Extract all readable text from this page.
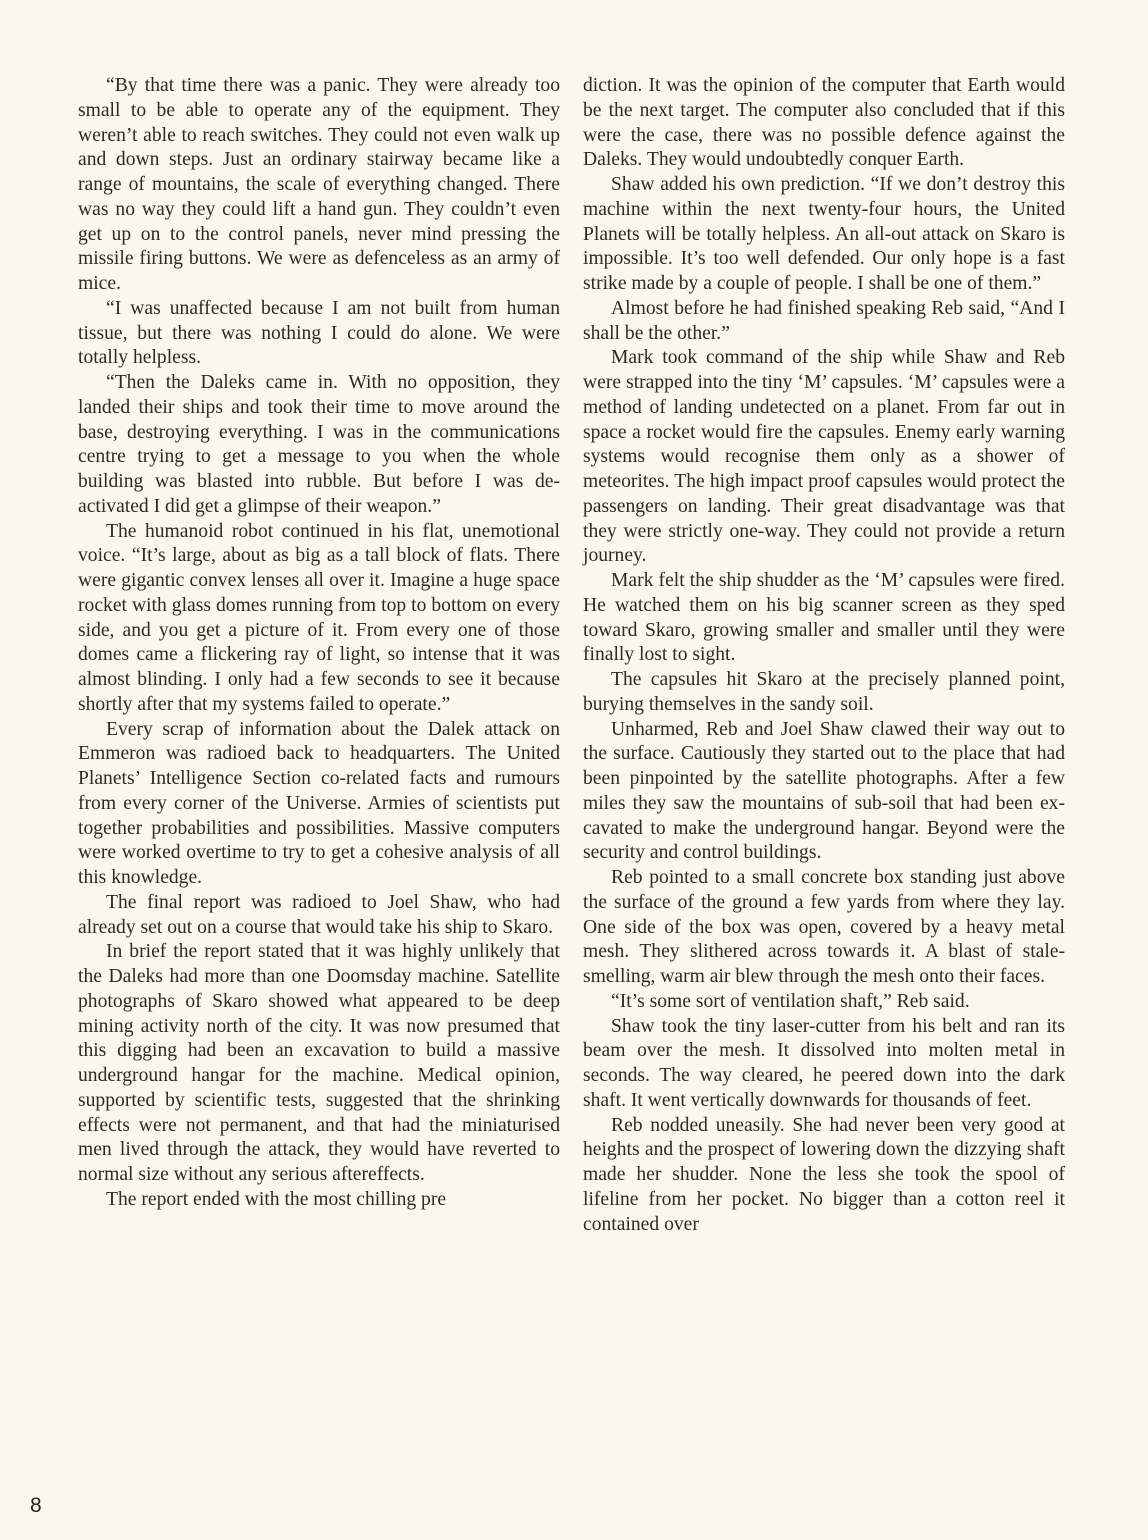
“By that time there was a panic. They were already too small to be able to operate any of the equipment. They weren’t able to reach switches. They could not even walk up and down steps. Just an ordinary stairway became like a range of mountains, the scale of everything changed. There was no way they could lift a hand gun. They couldn’t even get up on to the control panels, never mind pressing the missile firing buttons. We were as defenceless as an army of mice.

“I was unaffected because I am not built from human tissue, but there was nothing I could do alone. We were totally helpless.

“Then the Daleks came in. With no opposition, they landed their ships and took their time to move around the base, destroying everything. I was in the communications centre trying to get a message to you when the whole building was blasted into rubble. But before I was de-activated I did get a glimpse of their weapon.”

The humanoid robot continued in his flat, unemotional voice. “It’s large, about as big as a tall block of flats. There were gigantic convex lenses all over it. Imagine a huge space rocket with glass domes running from top to bottom on every side, and you get a picture of it. From every one of those domes came a flickering ray of light, so intense that it was almost blinding. I only had a few seconds to see it because shortly after that my systems failed to operate.”

Every scrap of information about the Dalek attack on Emmeron was radioed back to headquarters. The United Planets’ Intelligence Section co-related facts and rumours from every corner of the Universe. Armies of scientists put together probabilities and possibilities. Massive computers were worked overtime to try to get a cohesive analysis of all this knowledge.

The final report was radioed to Joel Shaw, who had already set out on a course that would take his ship to Skaro.

In brief the report stated that it was highly unlikely that the Daleks had more than one Doomsday machine. Satellite photographs of Skaro showed what appeared to be deep mining activity north of the city. It was now presumed that this digging had been an excavation to build a massive underground hangar for the machine. Medical opinion, supported by scientific tests, suggested that the shrinking effects were not permanent, and that had the miniaturised men lived through the attack, they would have reverted to normal size without any serious aftereffects.

The report ended with the most chilling pre

diction. It was the opinion of the computer that Earth would be the next target. The computer also concluded that if this were the case, there was no possible defence against the Daleks. They would undoubtedly conquer Earth.

Shaw added his own prediction. “If we don’t destroy this machine within the next twenty-four hours, the United Planets will be totally helpless. An all-out attack on Skaro is impossible. It’s too well defended. Our only hope is a fast strike made by a couple of people. I shall be one of them.”

Almost before he had finished speaking Reb said, “And I shall be the other.”

Mark took command of the ship while Shaw and Reb were strapped into the tiny ‘M’ capsules. ‘M’ capsules were a method of landing undetected on a planet. From far out in space a rocket would fire the capsules. Enemy early warning systems would recognise them only as a shower of meteorites. The high impact proof capsules would protect the passengers on landing. Their great disadvantage was that they were strictly one-way. They could not provide a return journey.

Mark felt the ship shudder as the ‘M’ capsules were fired. He watched them on his big scanner screen as they sped toward Skaro, growing smaller and smaller until they were finally lost to sight.

The capsules hit Skaro at the precisely planned point, burying themselves in the sandy soil.

Unharmed, Reb and Joel Shaw clawed their way out to the surface. Cautiously they started out to the place that had been pinpointed by the satellite photographs. After a few miles they saw the mountains of sub-soil that had been excavated to make the underground hangar. Beyond were the security and control buildings.

Reb pointed to a small concrete box standing just above the surface of the ground a few yards from where they lay. One side of the box was open, covered by a heavy metal mesh. They slithered across towards it. A blast of stale-smelling, warm air blew through the mesh onto their faces.

“It’s some sort of ventilation shaft,” Reb said.

Shaw took the tiny laser-cutter from his belt and ran its beam over the mesh. It dissolved into molten metal in seconds. The way cleared, he peered down into the dark shaft. It went vertically downwards for thousands of feet.

Reb nodded uneasily. She had never been very good at heights and the prospect of lowering down the dizzying shaft made her shudder. None the less she took the spool of lifeline from her pocket. No bigger than a cotton reel it contained over

8
